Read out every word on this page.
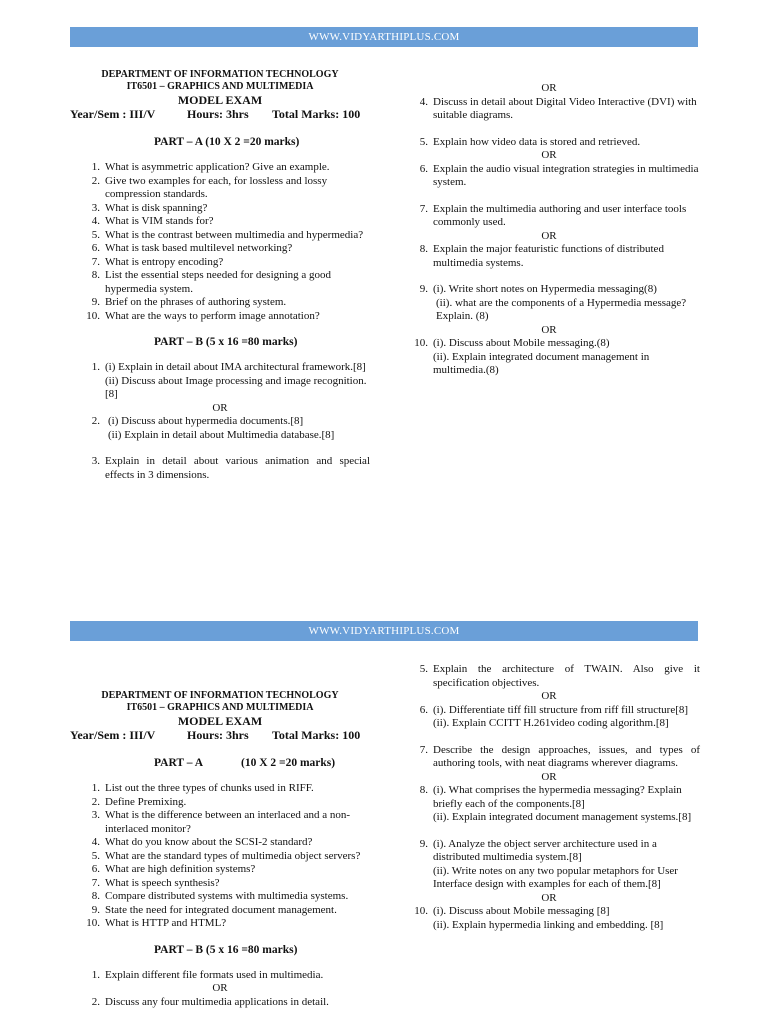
WWW.VIDYARTHIPLUS.COM
DEPARTMENT OF INFORMATION TECHNOLOGY
IT6501 – GRAPHICS AND MULTIMEDIA
MODEL EXAM
Year/Sem : III/V	Hours: 3hrs Total Marks: 100
PART – A (10 X 2 =20 marks)
1. What is asymmetric application? Give an example.
2. Give two examples for each, for lossless and lossy compression standards.
3. What is disk spanning?
4. What is VIM stands for?
5. What is the contrast between multimedia and hypermedia?
6. What is task based multilevel networking?
7. What is entropy encoding?
8. List the essential steps needed for designing a good hypermedia system.
9. Brief on the phrases of authoring system.
10. What are the ways to perform image annotation?
PART – B (5 x 16 =80 marks)
1. (i) Explain in detail about IMA architectural framework.[8]
(ii) Discuss about Image processing and image recognition.[8]
OR
2. (i) Discuss about hypermedia documents.[8]
(ii) Explain in detail about Multimedia database.[8]
3. Explain in detail about various animation and special effects in 3 dimensions.
OR
4. Discuss in detail about Digital Video Interactive (DVI) with suitable diagrams.
5. Explain how video data is stored and retrieved.
OR
6. Explain the audio visual integration strategies in multimedia system.
7. Explain the multimedia authoring and user interface tools commonly used.
OR
8. Explain the major featuristic functions of distributed multimedia systems.
9. (i). Write short notes on Hypermedia messaging(8)
(ii). what are the components of a Hypermedia message? Explain. (8)
OR
10. (i). Discuss about Mobile messaging.(8)
(ii). Explain integrated document management in multimedia.(8)
WWW.VIDYARTHIPLUS.COM
DEPARTMENT OF INFORMATION TECHNOLOGY
IT6501 – GRAPHICS AND MULTIMEDIA
MODEL EXAM
Year/Sem : III/V	Hours: 3hrs Total Marks: 100
PART – A	(10 X 2 =20 marks)
1. List out the three types of chunks used in RIFF.
2. Define Premixing.
3. What is the difference between an interlaced and a non-interlaced monitor?
4. What do you know about the SCSI-2 standard?
5. What are the standard types of multimedia object servers?
6. What are high definition systems?
7. What is speech synthesis?
8. Compare distributed systems with multimedia systems.
9. State the need for integrated document management.
10. What is HTTP and HTML?
PART – B (5 x 16 =80 marks)
1. Explain different file formats used in multimedia.
OR
2. Discuss any four multimedia applications in detail.
5. Explain the architecture of TWAIN. Also give it specification objectives.
OR
6. (i). Differentiate tiff fill structure from riff fill structure[8]
(ii). Explain CCITT H.261video coding algorithm.[8]
7. Describe the design approaches, issues, and types of authoring tools, with neat diagrams wherever diagrams.
OR
8. (i). What comprises the hypermedia messaging? Explain briefly each of the components.[8]
(ii). Explain integrated document management systems.[8]
9. (i). Analyze the object server architecture used in a distributed multimedia system.[8]
(ii). Write notes on any two popular metaphors for User Interface design with examples for each of them.[8]
OR
10. (i). Discuss about Mobile messaging [8]
(ii). Explain hypermedia linking and embedding. [8]
